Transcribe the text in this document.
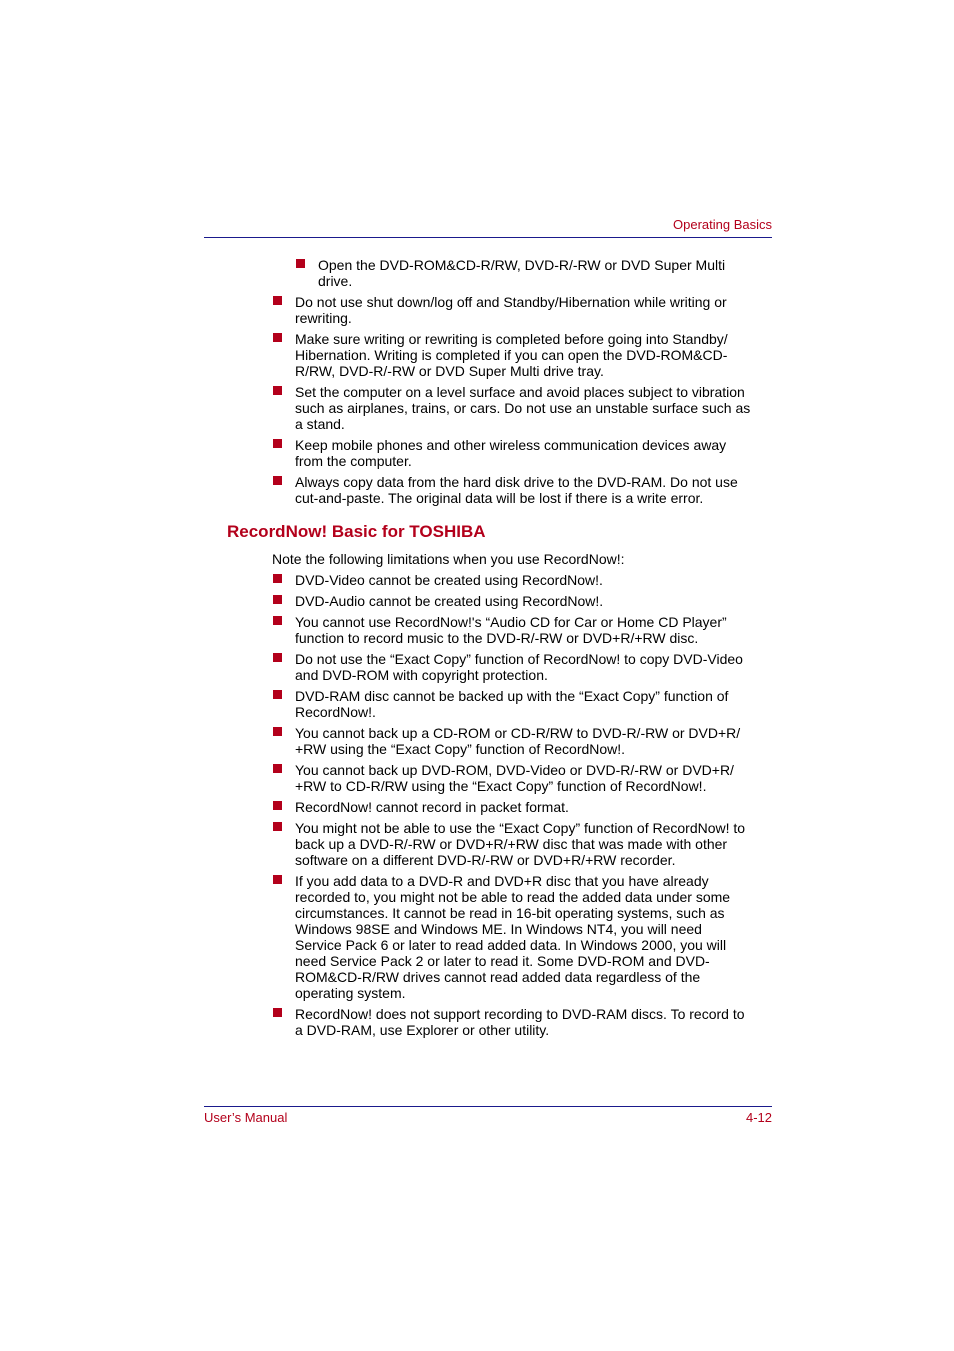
Operating Basics
Open the DVD-ROM&CD-R/RW, DVD-R/-RW or DVD Super Multi drive.
Do not use shut down/log off and Standby/Hibernation while writing or rewriting.
Make sure writing or rewriting is completed before going into Standby/ Hibernation. Writing is completed if you can open the DVD-ROM&CD-R/RW, DVD-R/-RW or DVD Super Multi drive tray.
Set the computer on a level surface and avoid places subject to vibration such as airplanes, trains, or cars. Do not use an unstable surface such as a stand.
Keep mobile phones and other wireless communication devices away from the computer.
Always copy data from the hard disk drive to the DVD-RAM. Do not use cut-and-paste. The original data will be lost if there is a write error.
RecordNow! Basic for TOSHIBA
Note the following limitations when you use RecordNow!:
DVD-Video cannot be created using RecordNow!.
DVD-Audio cannot be created using RecordNow!.
You cannot use RecordNow!'s “Audio CD for Car or Home CD Player” function to record music to the DVD-R/-RW or DVD+R/+RW disc.
Do not use the “Exact Copy” function of RecordNow! to copy DVD-Video and DVD-ROM with copyright protection.
DVD-RAM disc cannot be backed up with the “Exact Copy” function of RecordNow!.
You cannot back up a CD-ROM or CD-R/RW to DVD-R/-RW or DVD+R/ +RW using the “Exact Copy” function of RecordNow!.
You cannot back up DVD-ROM, DVD-Video or DVD-R/-RW or DVD+R/ +RW to CD-R/RW using the “Exact Copy” function of RecordNow!.
RecordNow! cannot record in packet format.
You might not be able to use the “Exact Copy” function of RecordNow! to back up a DVD-R/-RW or DVD+R/+RW disc that was made with other software on a different DVD-R/-RW or DVD+R/+RW recorder.
If you add data to a DVD-R and DVD+R disc that you have already recorded to, you might not be able to read the added data under some circumstances. It cannot be read in 16-bit operating systems, such as Windows 98SE and Windows ME. In Windows NT4, you will need Service Pack 6 or later to read added data. In Windows 2000, you will need Service Pack 2 or later to read it. Some DVD-ROM and DVD-ROM&CD-R/RW drives cannot read added data regardless of the operating system.
RecordNow! does not support recording to DVD-RAM discs. To record to a DVD-RAM, use Explorer or other utility.
User’s Manual	4-12
